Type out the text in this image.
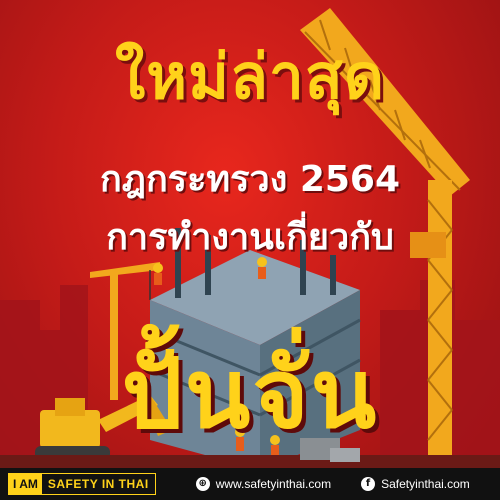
ใหม่ล่าสุด
กฎกระทรวง 2564
การทำงานเกี่ยวกับ
ปั้นจั่น
I AM SAFETY IN THAI	⊕ www.safetyinthai.com	f Safetyinthai.com
